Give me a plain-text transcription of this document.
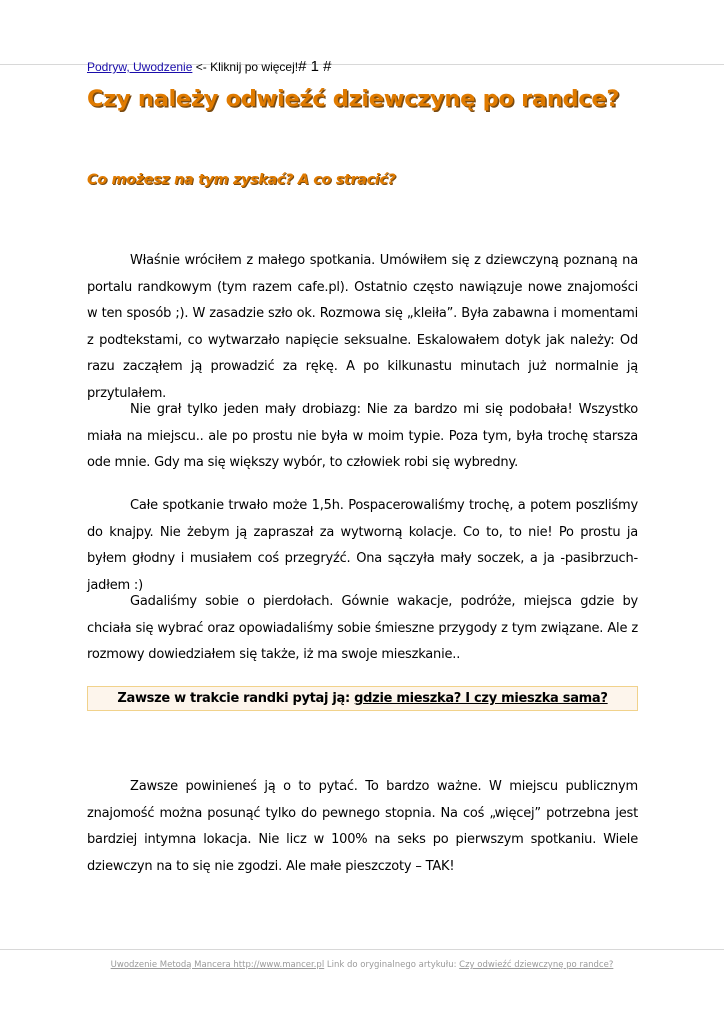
Podryw, Uwodzenie <- Kliknij po więcej!# 1 #
Czy należy odwieźć dziewczynę po randce?
Co możesz na tym zyskać? A co stracić?

Właśnie wróciłem z małego spotkania. Umówiłem się z dziewczyną poznaną na portalu randkowym (tym razem cafe.pl). Ostatnio często nawiązuje nowe znajomości w ten sposób ;). W zasadzie szło ok. Rozmowa się „kleiła”. Była zabawna i momentami z podtekstami, co wytwarzało napięcie seksualne. Eskalowałem dotyk jak należy: Od razu zacząłem ją prowadzić za rękę. A po kilkunastu minutach już normalnie ją przytulałem.

Nie grał tylko jeden mały drobiazg: Nie za bardzo mi się podobała! Wszystko miała na miejscu.. ale po prostu nie była w moim typie. Poza tym, była trochę starsza ode mnie. Gdy ma się większy wybór, to człowiek robi się wybredny.

Całe spotkanie trwało może 1,5h. Pospacerowaliśmy trochę, a potem poszliśmy do knajpy. Nie żebym ją zapraszał za wytworną kolacje. Co to, to nie! Po prostu ja byłem głodny i musiałem coś przegryźć. Ona sączyła mały soczek, a ja -pasibrzuch- jadłem :)

Gadaliśmy sobie o pierdołach. Gównie wakacje, podróże, miejsca gdzie by chciała się wybrać oraz opowiadaliśmy sobie śmieszne przygody z tym związane. Ale z rozmowy dowiedziałem się także, iż ma swoje mieszkanie..

Zawsze w trakcie randki pytaj ją: gdzie mieszka? I czy mieszka sama?

Zawsze powinieneś ją o to pytać. To bardzo ważne. W miejscu publicznym znajomość można posunąć tylko do pewnego stopnia. Na coś „więcej” potrzebna jest bardziej intymna lokacja. Nie licz w 100% na seks po pierwszym spotkaniu. Wiele dziewczyn na to się nie zgodzi. Ale małe pieszczoty – TAK!

Uwodzenie Metodą Mancera http://www.mancer.pl Link do oryginalnego artykułu: Czy odwieźć dziewczynę po randce?
